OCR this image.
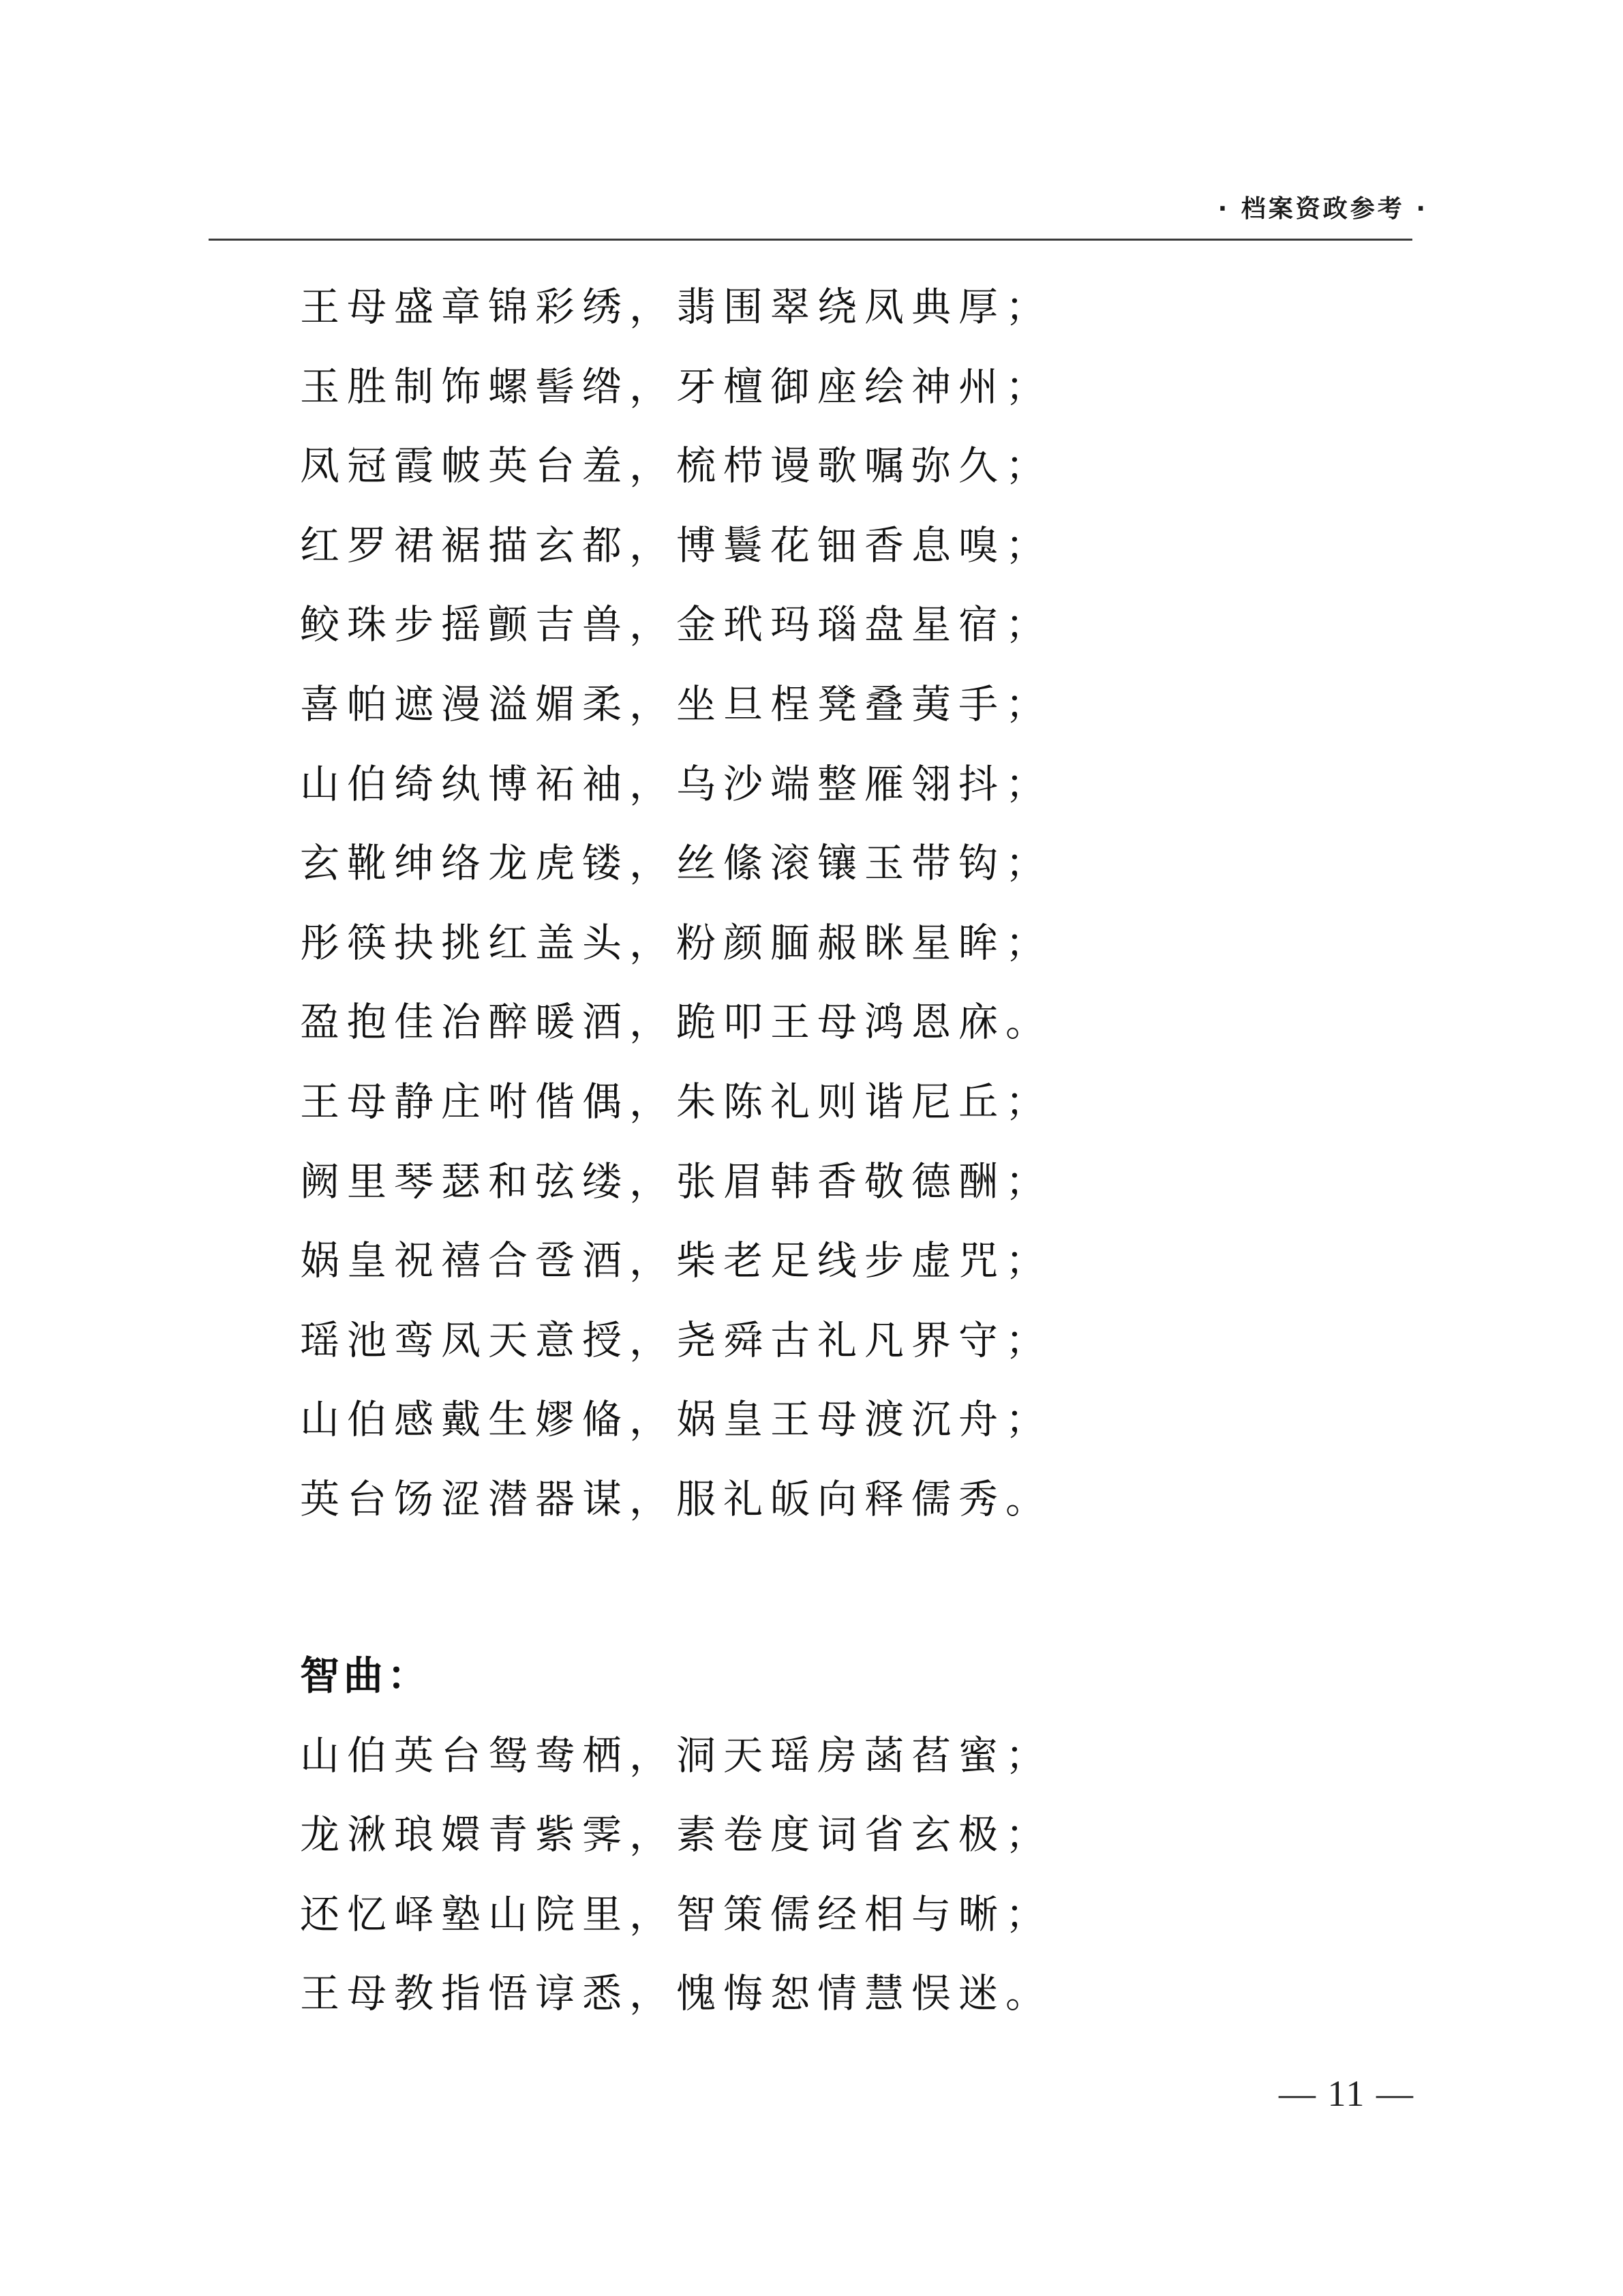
· 档案资政参考 ·
王母盛章锦彩绣，翡围翠绕凤典厚；
玉胜制饰螺髻绺，牙檀御座绘神州；
凤冠霞帔英台羞，梳栉谩歌嘱弥久；
红罗裙裾描玄都，博鬟花钿香息嗅；
鲛珠步摇颤吉兽，金玳玛瑙盘星宿；
喜帕遮漫溢媚柔，坐旦桯凳叠荑手；
山伯绮纨博袥袖，乌沙端整雁翎抖；
玄靴绅络龙虎镂，丝絛滚镶玉带钩；
彤筷抉挑红盖头，粉颜腼赧眯星眸；
盈抱佳冶醉暖酒，跪叩王母鸿恩庥。
王母静庄咐偕偶，朱陈礼则谐尼丘；
阙里琴瑟和弦缕，张眉韩香敬德酬；
娲皇祝禧合卺酒，柴老足线步虚咒；
瑶池鸾凤天意授，尧舜古礼凡界守；
山伯感戴生嫪偹，娲皇王母渡沉舟；
英台饧涩潜器谋，服礼皈向释儒秀。
智曲：
山伯英台鸳鸯栖，洞天瑶房菡萏蜜；
龙湫琅嬛青紫霁，素卷度词省玄极；
还忆峄塾山院里，智策儒经相与晰；
王母教指悟谆悉，愧悔恕情慧悮迷。
— 11 —
